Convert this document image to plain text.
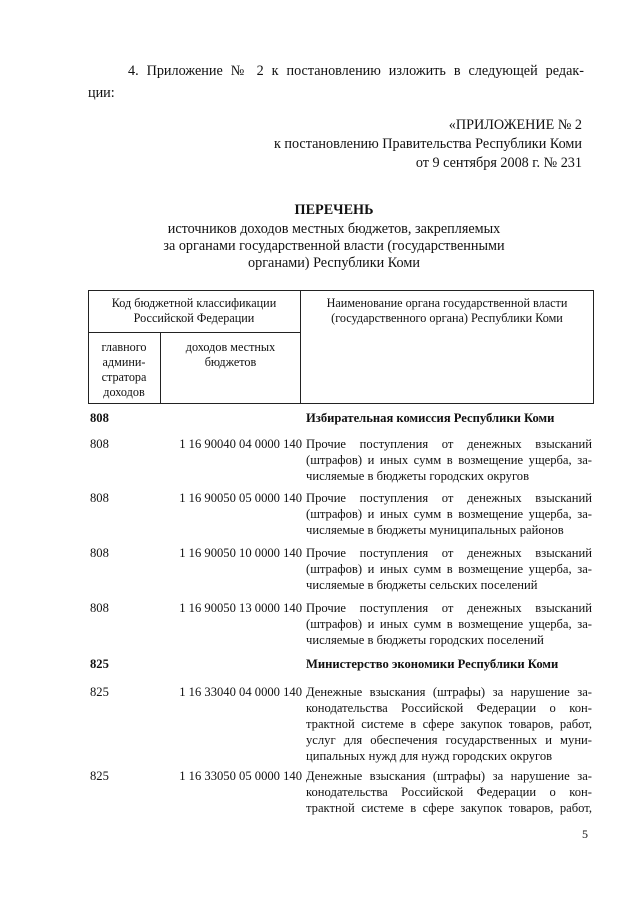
4. Приложение № 2 к постановлению изложить в следующей редак-
ции:
«ПРИЛОЖЕНИЕ № 2
к постановлению Правительства Республики Коми
от 9 сентября 2008 г. № 231
ПЕРЕЧЕНЬ
источников доходов местных бюджетов, закрепляемых
за органами государственной власти (государственными
органами) Республики Коми
Код бюджетной классификации
Российской Федерации
главного
админи-
стратора
доходов
доходов местных
бюджетов
Наименование органа государственной власти
(государственного органа) Республики Коми
808	Избирательная комиссия Республики Коми
808	1 16 90040 04 0000 140 Прочие поступления от денежных взысканий
(штрафов) и иных сумм в возмещение ущерба, за-
числяемые в бюджеты городских округов
808	1 16 90050 05 0000 140 Прочие поступления от денежных взысканий
(штрафов) и иных сумм в возмещение ущерба, за-
числяемые в бюджеты муниципальных районов
808	1 16 90050 10 0000 140 Прочие поступления от денежных взысканий
(штрафов) и иных сумм в возмещение ущерба, за-
числяемые в бюджеты сельских поселений
808	1 16 90050 13 0000 140 Прочие поступления от денежных взысканий
(штрафов) и иных сумм в возмещение ущерба, за-
числяемые в бюджеты городских поселений
825	Министерство экономики Республики Коми
825	1 16 33040 04 0000 140 Денежные взыскания (штрафы) за нарушение за-
конодательства Российской Федерации о кон-
трактной системе в сфере закупок товаров, работ,
услуг для обеспечения государственных и муни-
ципальных нужд для нужд городских округов
825	1 16 33050 05 0000 140 Денежные взыскания (штрафы) за нарушение за-
конодательства Российской Федерации о кон-
трактной системе в сфере закупок товаров, работ,
5
